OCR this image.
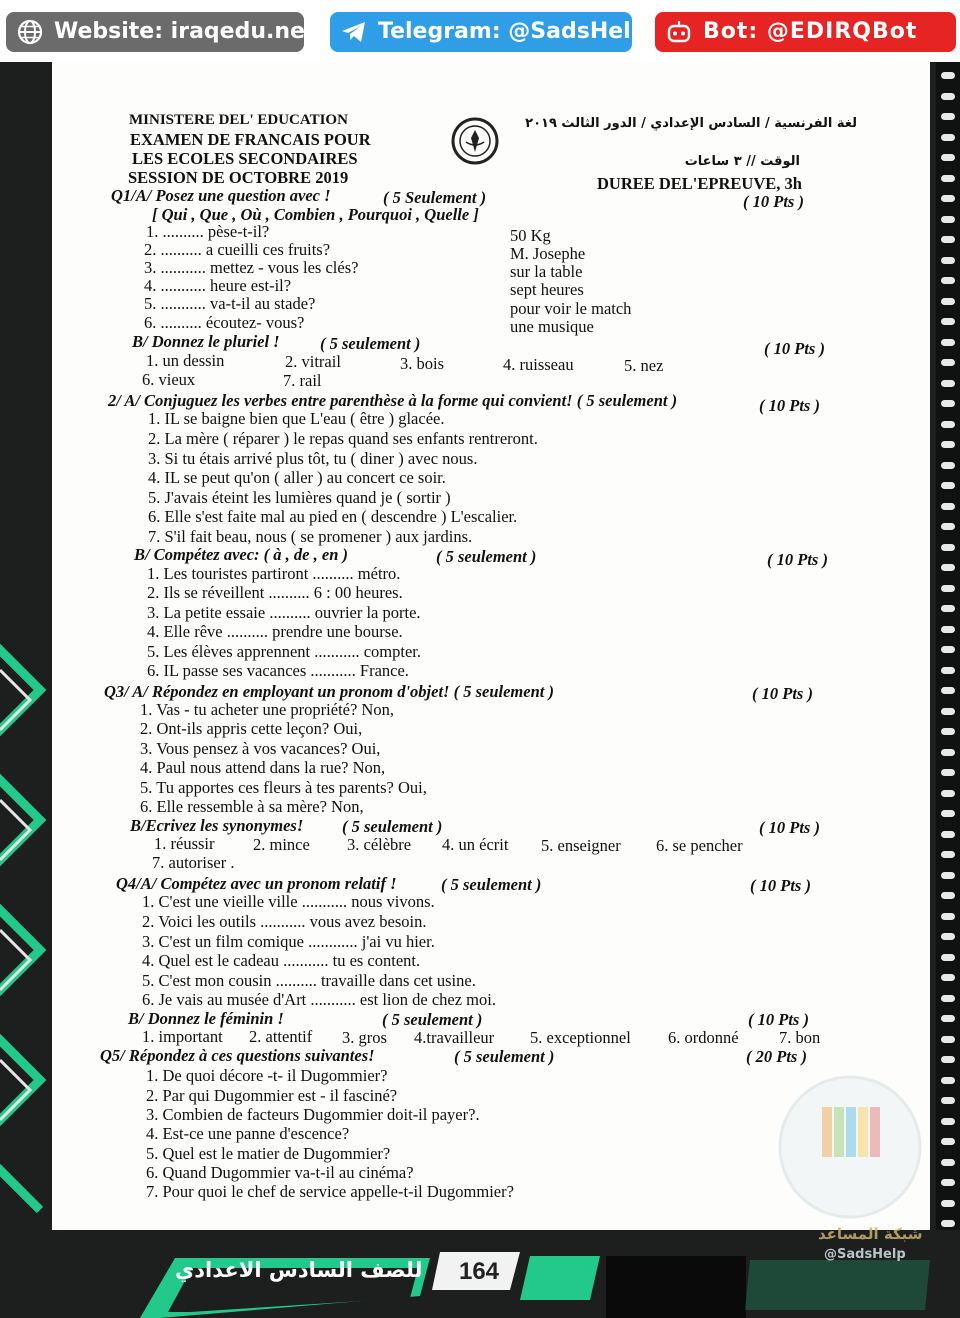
Website: iraqedu.net	Telegram: @SadsHelp	Bot: @EDIRQBot
MINISTERE DEL' EDUCATION
EXAMEN DE FRANCAIS POUR
LES ECOLES SECONDAIRES
SESSION DE OCTOBRE 2019
لغة الفرنسية / السادس الإعدادي / الدور الثالث ٢٠١٩
الوقت // ٣ ساعات
DUREE DEL'EPREUVE, 3h
( 10 Pts )
Q1/A/ Posez une question avec !	( 5 Seulement )
[ Qui , Que , Où , Combien , Pourquoi , Quelle ]
1. .......... pèse-t-il?
2. .......... a cueilli ces fruits?
3. ........... mettez - vous les clés?
4. ........... heure est-il?
5. ........... va-t-il au stade?
6. .......... écoutez- vous?
50 Kg
M. Josephe
sur la table
sept heures
pour voir le match
une musique
B/ Donnez le pluriel ! ( 5 seulement )	( 10 Pts )
1. un dessin	2. vitrail	3. bois	4. ruisseau	5. nez
6. vieux	7. rail
2/ A/ Conjuguez les verbes entre parenthèse à la forme qui convient! ( 5 seulement )	( 10 Pts )
1. IL se baigne bien que L'eau ( être ) glacée.
2. La mère ( réparer ) le repas quand ses enfants rentreront.
3. Si tu étais arrivé plus tôt, tu ( diner ) avec nous.
4. IL se peut qu'on ( aller ) au concert ce soir.
5. J'avais éteint les lumières quand je ( sortir )
6. Elle s'est faite mal au pied en ( descendre ) L'escalier.
7. S'il fait beau, nous ( se promener ) aux jardins.
B/ Compétez avec: ( à , de , en )	( 5 seulement )	( 10 Pts )
1. Les touristes partiront .......... métro.
2. Ils se réveillent .......... 6 : 00 heures.
3. La petite essaie .......... ouvrier la porte.
4. Elle rêve .......... prendre une bourse.
5. Les élèves apprennent ........... compter.
6. IL passe ses vacances ........... France.
Q3/ A/ Répondez en employant un pronom d'objet! ( 5 seulement )	( 10 Pts )
1. Vas - tu acheter une propriété? Non,
2. Ont-ils appris cette leçon? Oui,
3. Vous pensez à vos vacances? Oui,
4. Paul nous attend dans la rue? Non,
5. Tu apportes ces fleurs à tes parents? Oui,
6. Elle ressemble à sa mère? Non,
B/Ecrivez les synonymes! ( 5 seulement )	( 10 Pts )
1. réussir 2. mince 3. célèbre 4. un écrit 5. enseigner 6. se pencher
7. autoriser .
Q4/A/ Compétez avec un pronom relatif !	( 5 seulement )	( 10 Pts )
1. C'est une vieille ville ........... nous vivons.
2. Voici les outils ........... vous avez besoin.
3. C'est un film comique ............ j'ai vu hier.
4. Quel est le cadeau ........... tu es content.
5. C'est mon cousin .......... travaille dans cet usine.
6. Je vais au musée d'Art ........... est lion de chez moi.
B/ Donnez le féminin !	( 5 seulement )	( 10 Pts )
1. important 2. attentif 3. gros 4.travailleur 5. exceptionnel 6. ordonné 7. bon
Q5/ Répondez à ces questions suivantes!	( 5 seulement )	( 20 Pts )
1. De quoi décore -t- il Dugommier?
2. Par qui Dugommier est - il fasciné?
3. Combien de facteurs Dugommier doit-il payer?.
4. Est-ce une panne d'escence?
5. Quel est le matier de Dugommier?
6. Quand Dugommier va-t-il au cinéma?
7. Pour quoi le chef de service appelle-t-il Dugommier?
شبكة المساعد
@SadsHelp
للصف السادس الاعدادي	164
